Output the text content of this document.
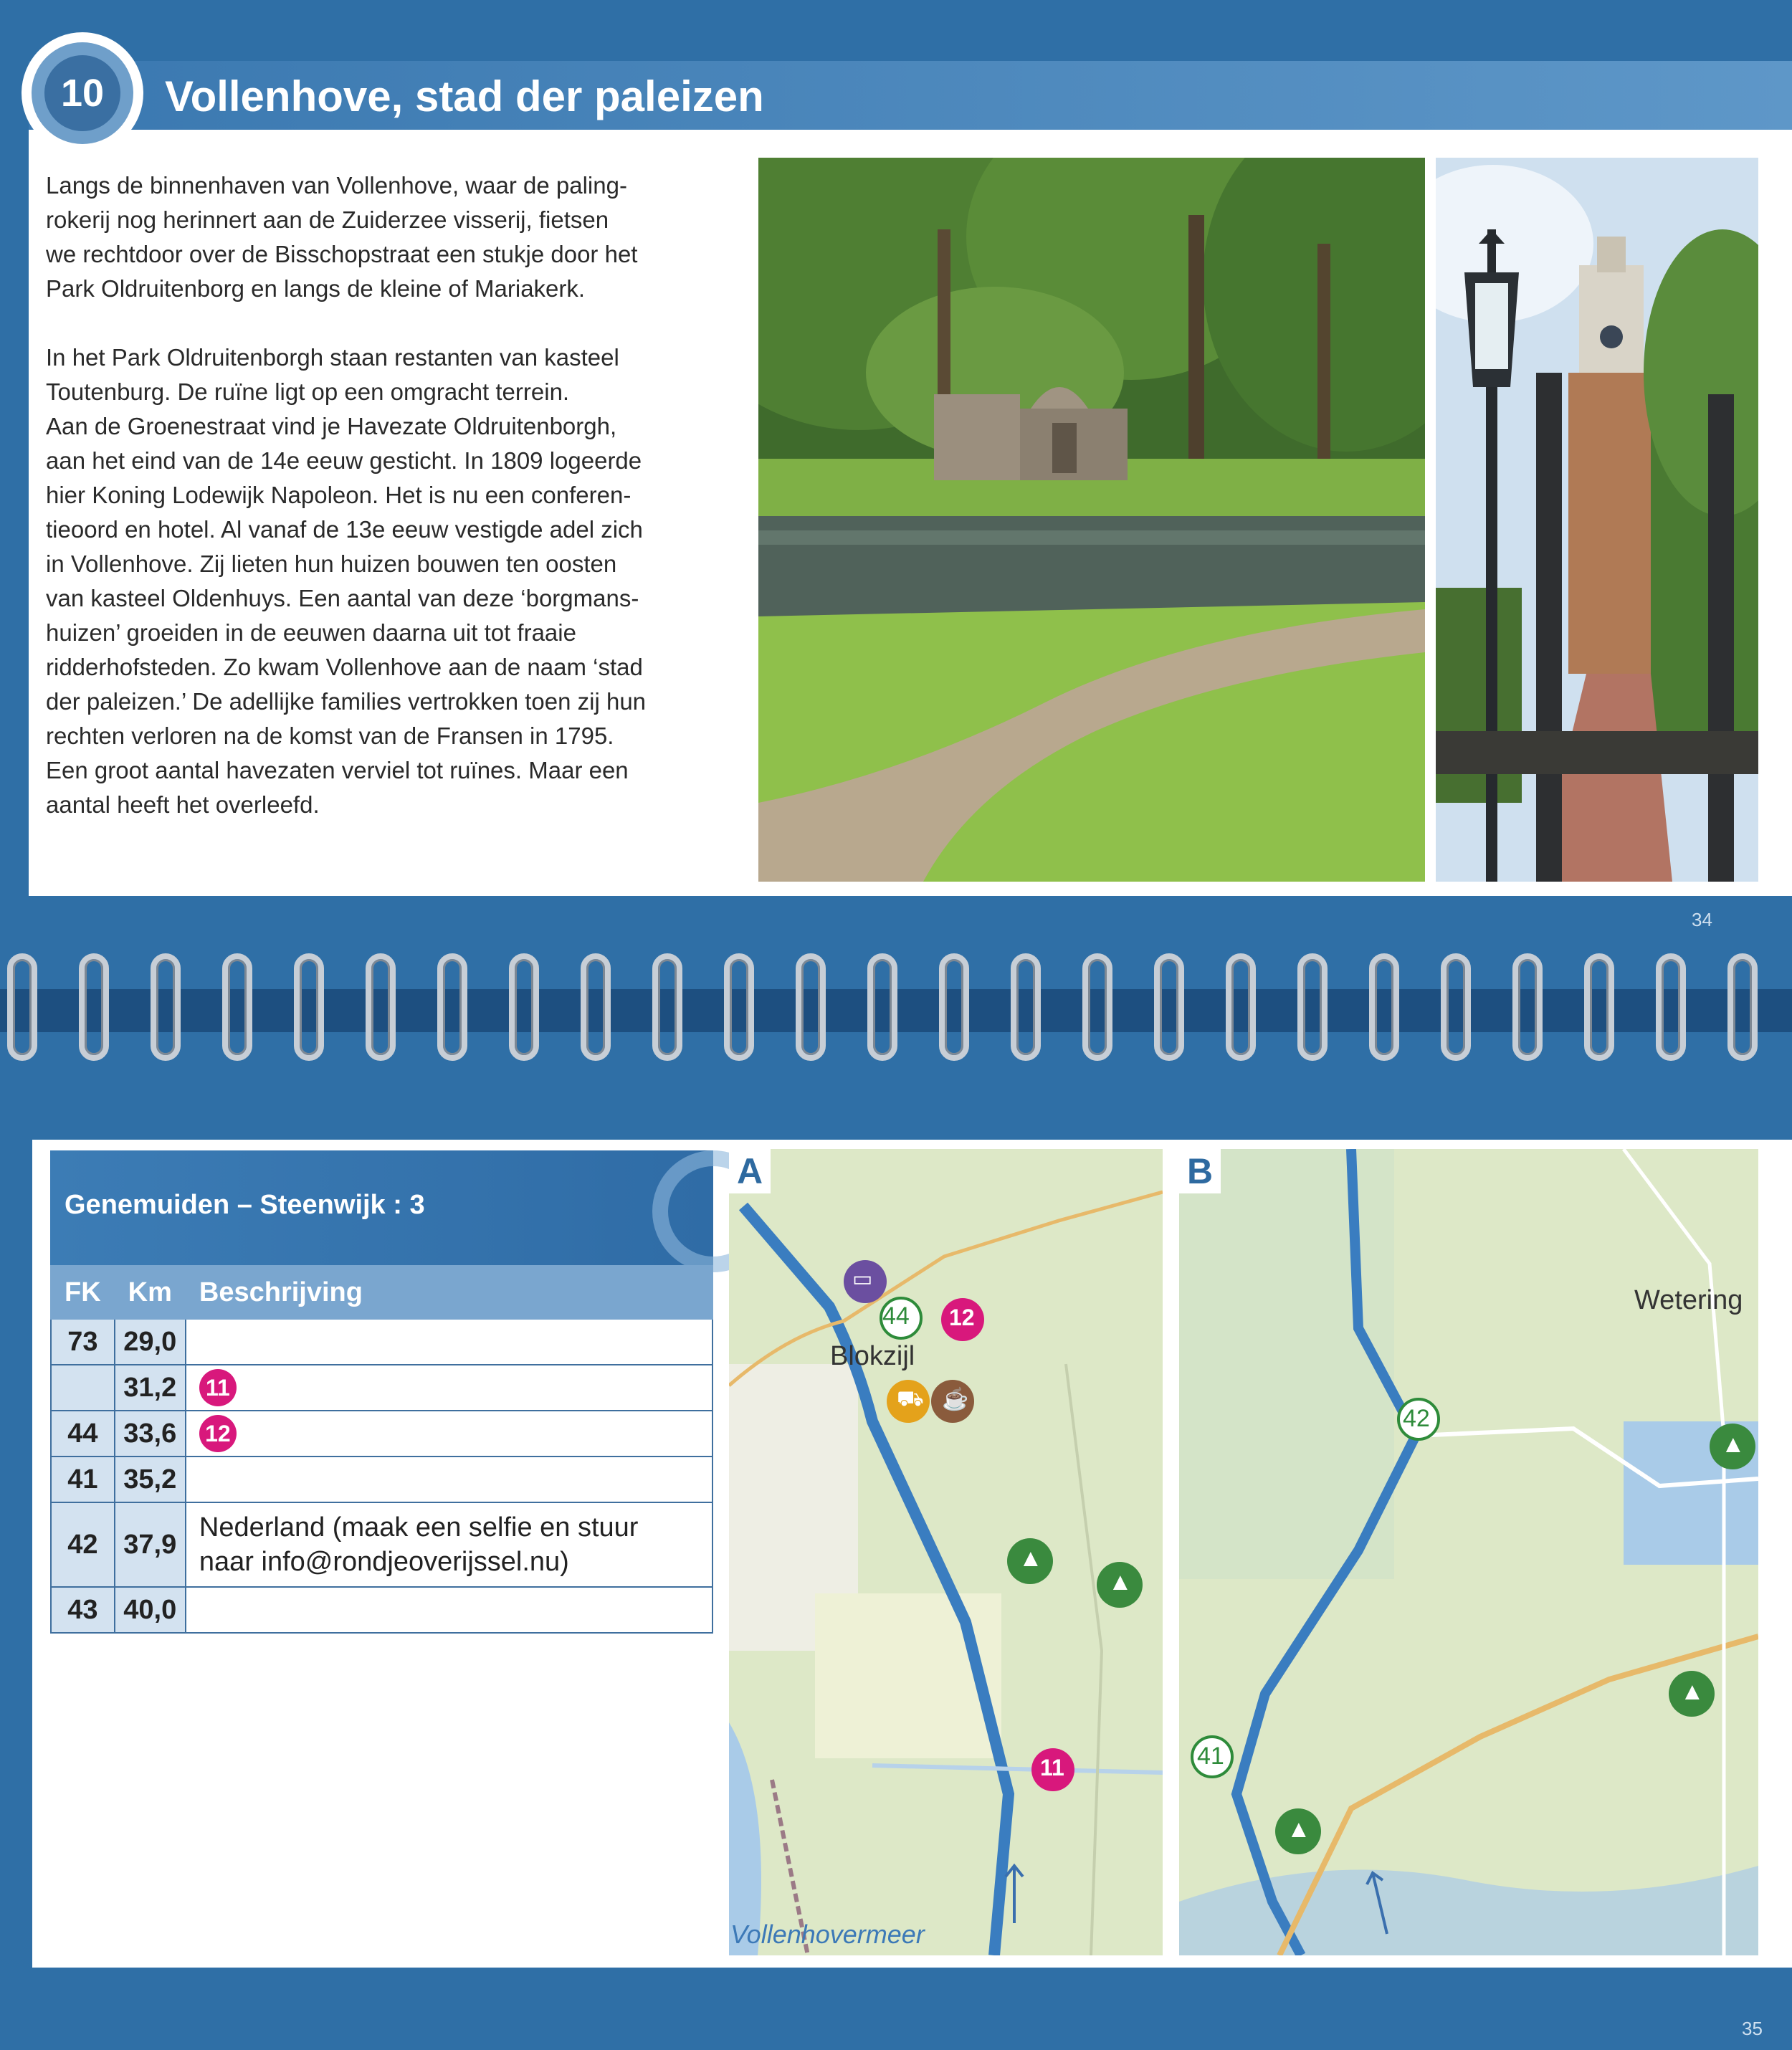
10	Vollenhove, stad der paleizen

Langs de binnenhaven van Vollenhove, waar de paling-
rokerij nog herinnert aan de Zuiderzee visserij, fietsen
we rechtdoor over de Bisschopstraat een stukje door het
Park Oldruitenborg en langs de kleine of Mariakerk.

In het Park Oldruitenborgh staan restanten van kasteel
Toutenburg. De ruïne ligt op een omgracht terrein.
Aan de Groenestraat vind je Havezate Oldruitenborgh,
aan het eind van de 14e eeuw gesticht. In 1809 logeerde
hier Koning Lodewijk Napoleon. Het is nu een conferen-
tieoord en hotel. Al vanaf de 13e eeuw vestigde adel zich
in Vollenhove. Zij lieten hun huizen bouwen ten oosten
van kasteel Oldenhuys. Een aantal van deze ‘borgmans-
huizen’ groeiden in de eeuwen daarna uit tot fraaie
ridderhofsteden. Zo kwam Vollenhove aan de naam ‘stad
der paleizen.’ De adellijke families vertrokken toen zij hun
rechten verloren na de komst van de Fransen in 1795.
Een groot aantal havezaten verviel tot ruïnes. Maar een
aantal heeft het overleefd.

34
Genemuiden – Steenwijk : 3
FK	Km	Beschrijving
73	29,0	
	31,2	11
44	33,6	12
41	35,2	
42	37,9	Nederland (maak een selfie en stuur naar info@rondjeoverijssel.nu)
43	40,0	
A
Blokzijl
Vollenhovermeer
44 12
11
▭
⛟ ☕
▲
▲
B
Wetering
42
41
▲
▲
▲
35
